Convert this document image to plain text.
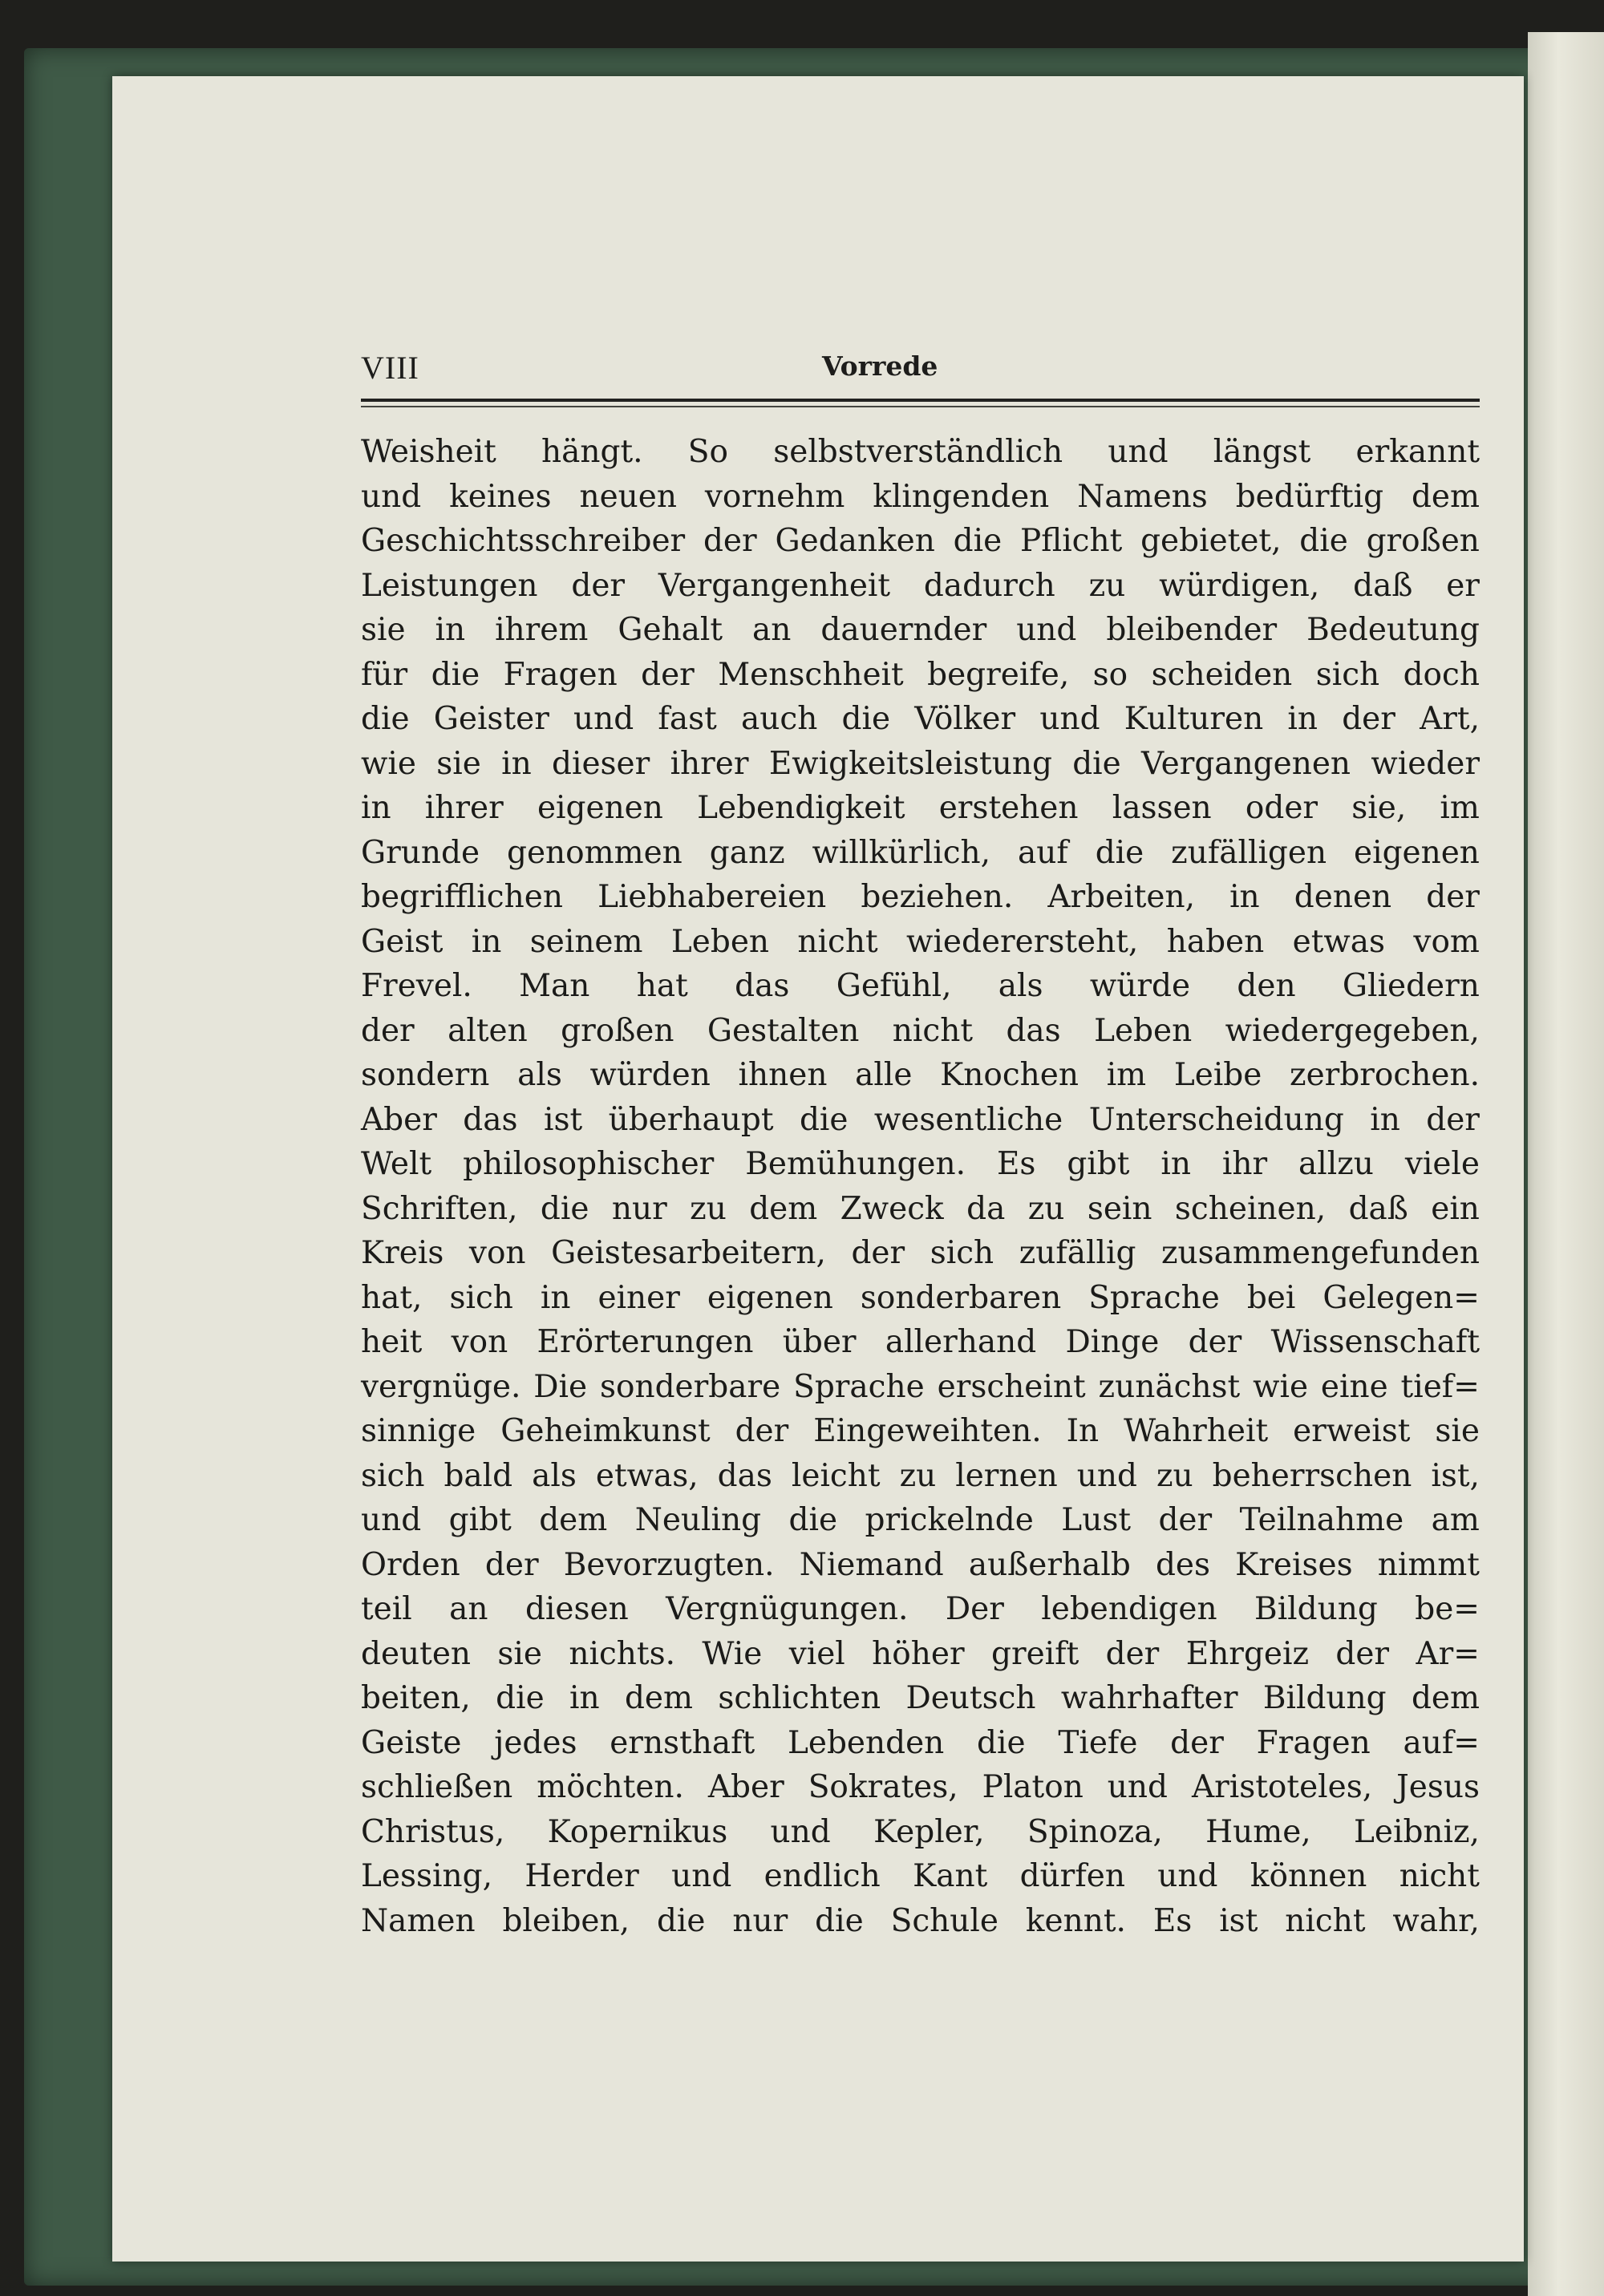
VIII	Vorrede
Weisheit hängt. So selbstverständlich und längst erkannt
und keines neuen vornehm klingenden Namens bedürftig dem
Geschichtsschreiber der Gedanken die Pflicht gebietet, die großen
Leistungen der Vergangenheit dadurch zu würdigen, daß er
sie in ihrem Gehalt an dauernder und bleibender Bedeutung
für die Fragen der Menschheit begreife, so scheiden sich doch
die Geister und fast auch die Völker und Kulturen in der Art,
wie sie in dieser ihrer Ewigkeitsleistung die Vergangenen wieder
in ihrer eigenen Lebendigkeit erstehen lassen oder sie, im
Grunde genommen ganz willkürlich, auf die zufälligen eigenen
begrifflichen Liebhabereien beziehen. Arbeiten, in denen der
Geist in seinem Leben nicht wiederersteht, haben etwas vom
Frevel. Man hat das Gefühl, als würde den Gliedern
der alten großen Gestalten nicht das Leben wiedergegeben,
sondern als würden ihnen alle Knochen im Leibe zerbrochen.
Aber das ist überhaupt die wesentliche Unterscheidung in der
Welt philosophischer Bemühungen. Es gibt in ihr allzu viele
Schriften, die nur zu dem Zweck da zu sein scheinen, daß ein
Kreis von Geistesarbeitern, der sich zufällig zusammengefunden
hat, sich in einer eigenen sonderbaren Sprache bei Gelegen=
heit von Erörterungen über allerhand Dinge der Wissenschaft
vergnüge. Die sonderbare Sprache erscheint zunächst wie eine tief=
sinnige Geheimkunst der Eingeweihten. In Wahrheit erweist sie
sich bald als etwas, das leicht zu lernen und zu beherrschen ist,
und gibt dem Neuling die prickelnde Lust der Teilnahme am
Orden der Bevorzugten. Niemand außerhalb des Kreises nimmt
teil an diesen Vergnügungen. Der lebendigen Bildung be=
deuten sie nichts. Wie viel höher greift der Ehrgeiz der Ar=
beiten, die in dem schlichten Deutsch wahrhafter Bildung dem
Geiste jedes ernsthaft Lebenden die Tiefe der Fragen auf=
schließen möchten. Aber Sokrates, Platon und Aristoteles, Jesus
Christus, Kopernikus und Kepler, Spinoza, Hume, Leibniz,
Lessing, Herder und endlich Kant dürfen und können nicht
Namen bleiben, die nur die Schule kennt. Es ist nicht wahr,
